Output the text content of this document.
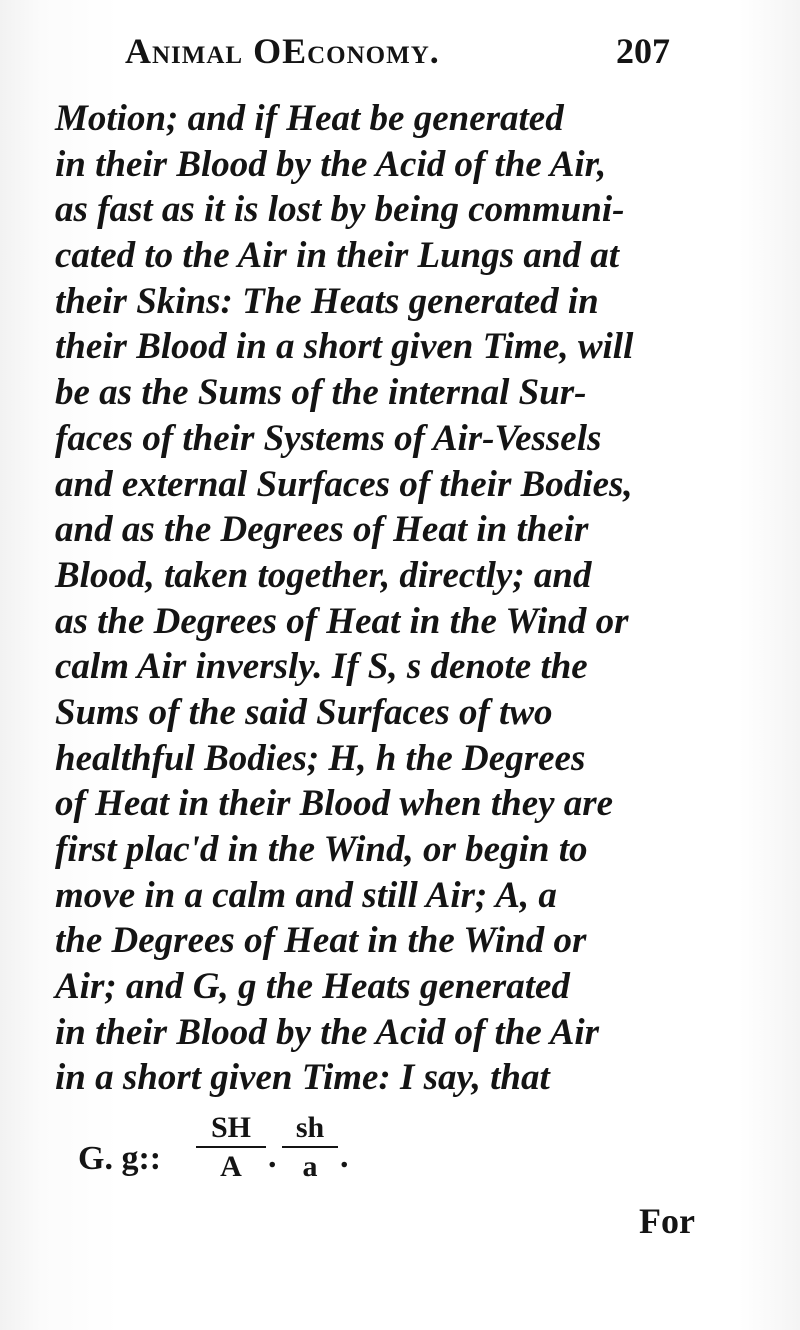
Animal OEconomy.	207
Motion; and if Heat be generated
in their Blood by the Acid of the Air,
as fast as it is lost by being communi-
cated to the Air in their Lungs and at
their Skins: The Heats generated in
their Blood in a short given Time, will
be as the Sums of the internal Sur-
faces of their Systems of Air-Vessels
and external Surfaces of their Bodies,
and as the Degrees of Heat in their
Blood, taken together, directly; and
as the Degrees of Heat in the Wind or
calm Air inversly. If S, s denote the
Sums of the said Surfaces of two
healthful Bodies; H, h the Degrees
of Heat in their Blood when they are
first plac'd in the Wind, or begin to
move in a calm and still Air; A, a
the Degrees of Heat in the Wind or
Air; and G, g the Heats generated
in their Blood by the Acid of the Air
in a short given Time: I say, that
G. g:: $\frac{SH}{A}$ . $\frac{sh}{a}$ .
For
